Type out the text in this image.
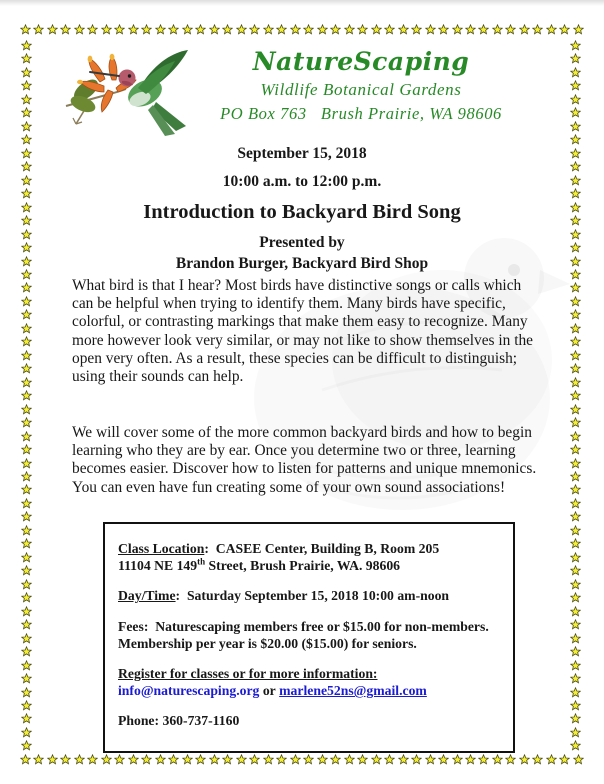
NatureScaping
Wildlife Botanical Gardens
PO Box 763   Brush Prairie, WA 98606
September 15, 2018
10:00 a.m. to 12:00 p.m.
Introduction to Backyard Bird Song
Presented by
Brandon Burger, Backyard Bird Shop

What bird is that I hear? Most birds have distinctive songs or calls which can be helpful when trying to identify them. Many birds have specific, colorful, or contrasting markings that make them easy to recognize. Many more however look very similar, or may not like to show themselves in the open very often. As a result, these species can be difficult to distinguish; using their sounds can help.

We will cover some of the more common backyard birds and how to begin learning who they are by ear. Once you determine two or three, learning becomes easier. Discover how to listen for patterns and unique mnemonics. You can even have fun creating some of your own sound associations!

Class Location:  CASEE Center, Building B, Room 205
11104 NE 149th Street, Brush Prairie, WA. 98606
Day/Time:  Saturday September 15, 2018 10:00 am-noon
Fees:  Naturescaping members free or $15.00 for non-members.
Membership per year is $20.00 ($15.00) for seniors.
Register for classes or for more information:
info@naturescaping.org or marlene52ns@gmail.com
Phone: 360-737-1160
